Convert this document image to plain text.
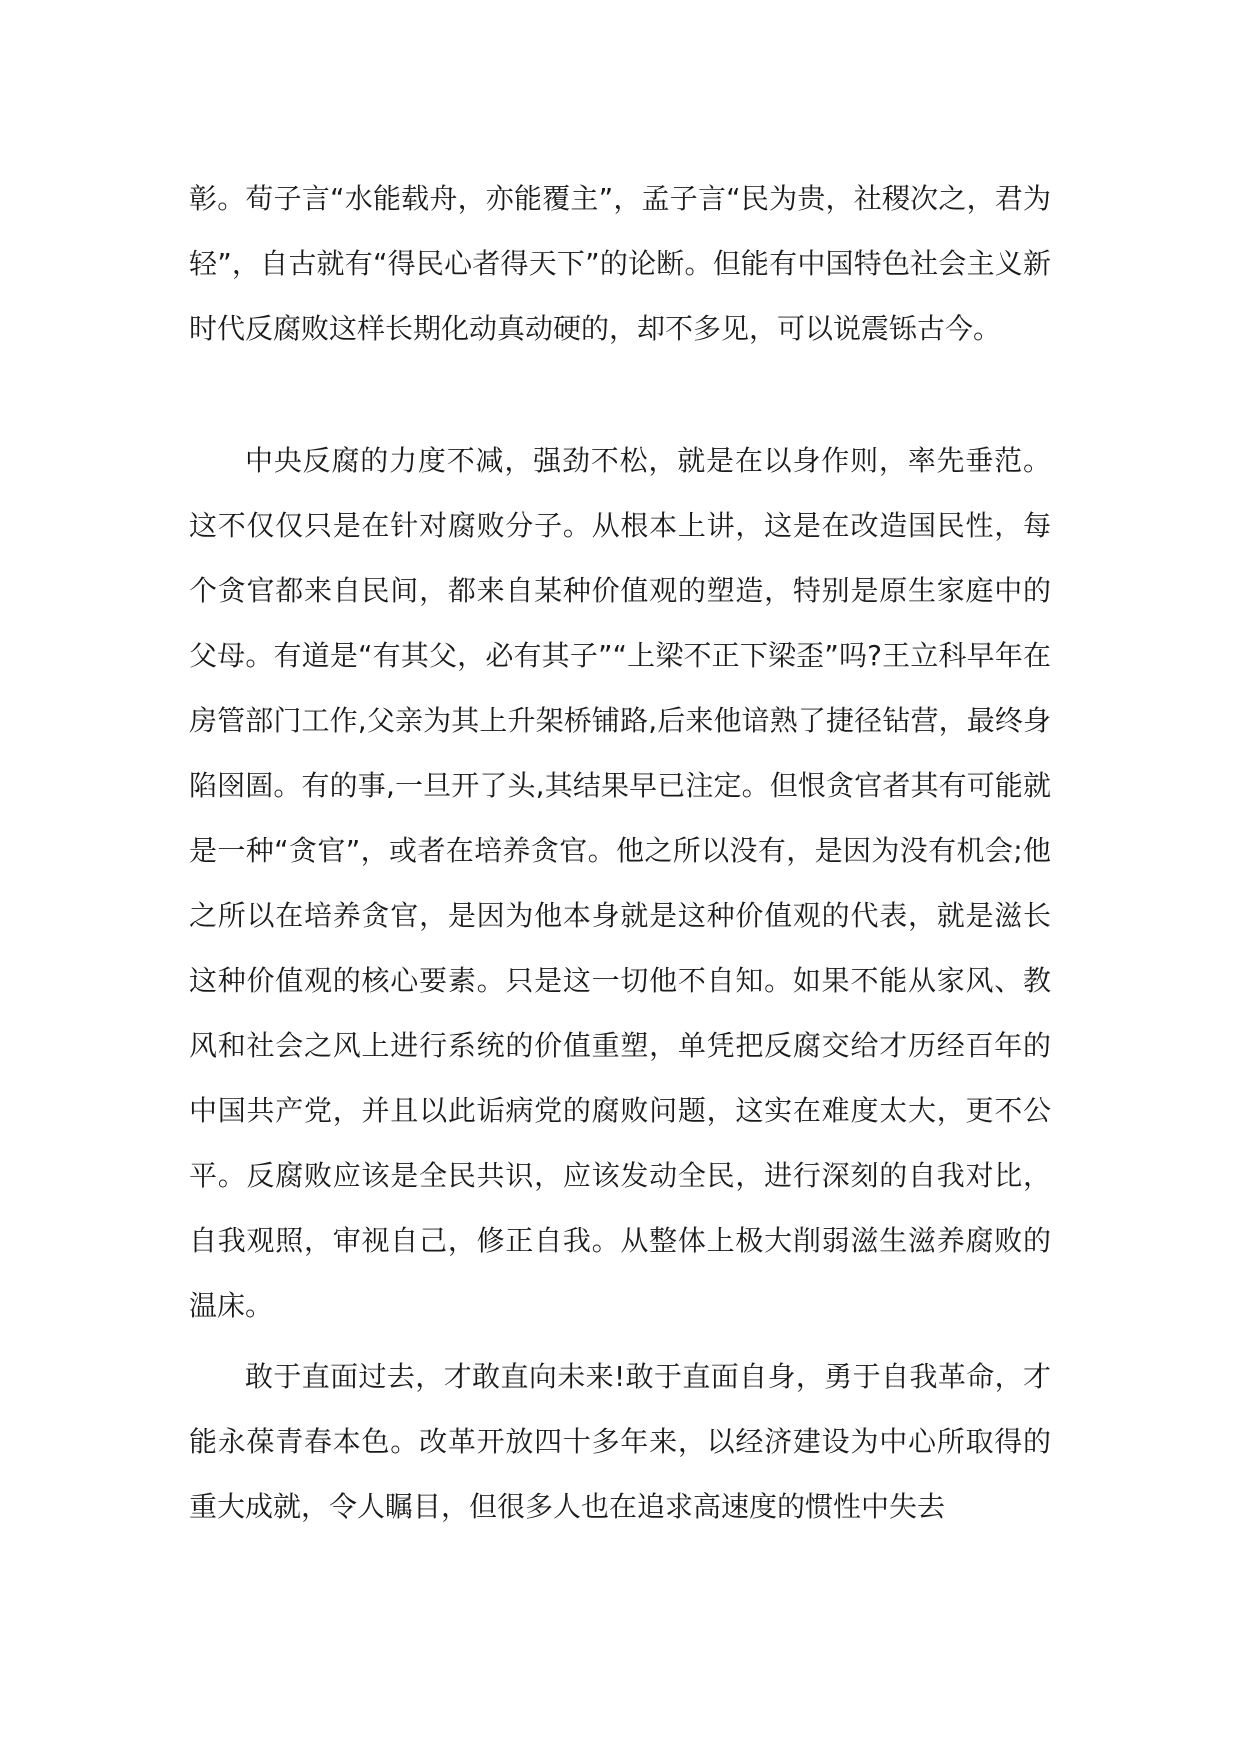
彰。荀子言“水能载舟，亦能覆主”，孟子言“民为贵，社稷次之，君为轻”，自古就有“得民心者得天下”的论断。但能有中国特色社会主义新时代反腐败这样长期化动真动硬的，却不多见，可以说震铄古今。

中央反腐的力度不减，强劲不松，就是在以身作则，率先垂范。这不仅仅只是在针对腐败分子。从根本上讲，这是在改造国民性，每个贪官都来自民间，都来自某种价值观的塑造，特别是原生家庭中的父母。有道是“有其父，必有其子”“上梁不正下梁歪”吗?王立科早年在房管部门工作,父亲为其上升架桥铺路,后来他谙熟了捷径钻营，最终身陷囹圄。有的事,一旦开了头,其结果早已注定。但恨贪官者其有可能就是一种“贪官”，或者在培养贪官。他之所以没有，是因为没有机会;他之所以在培养贪官，是因为他本身就是这种价值观的代表，就是滋长这种价值观的核心要素。只是这一切他不自知。如果不能从家风、教风和社会之风上进行系统的价值重塑，单凭把反腐交给才历经百年的中国共产党，并且以此诟病党的腐败问题，这实在难度太大，更不公平。反腐败应该是全民共识，应该发动全民，进行深刻的自我对比，自我观照，审视自己，修正自我。从整体上极大削弱滋生滋养腐败的温床。

敢于直面过去，才敢直向未来!敢于直面自身，勇于自我革命，才能永葆青春本色。改革开放四十多年来，以经济建设为中心所取得的重大成就，令人瞩目，但很多人也在追求高速度的惯性中失去
